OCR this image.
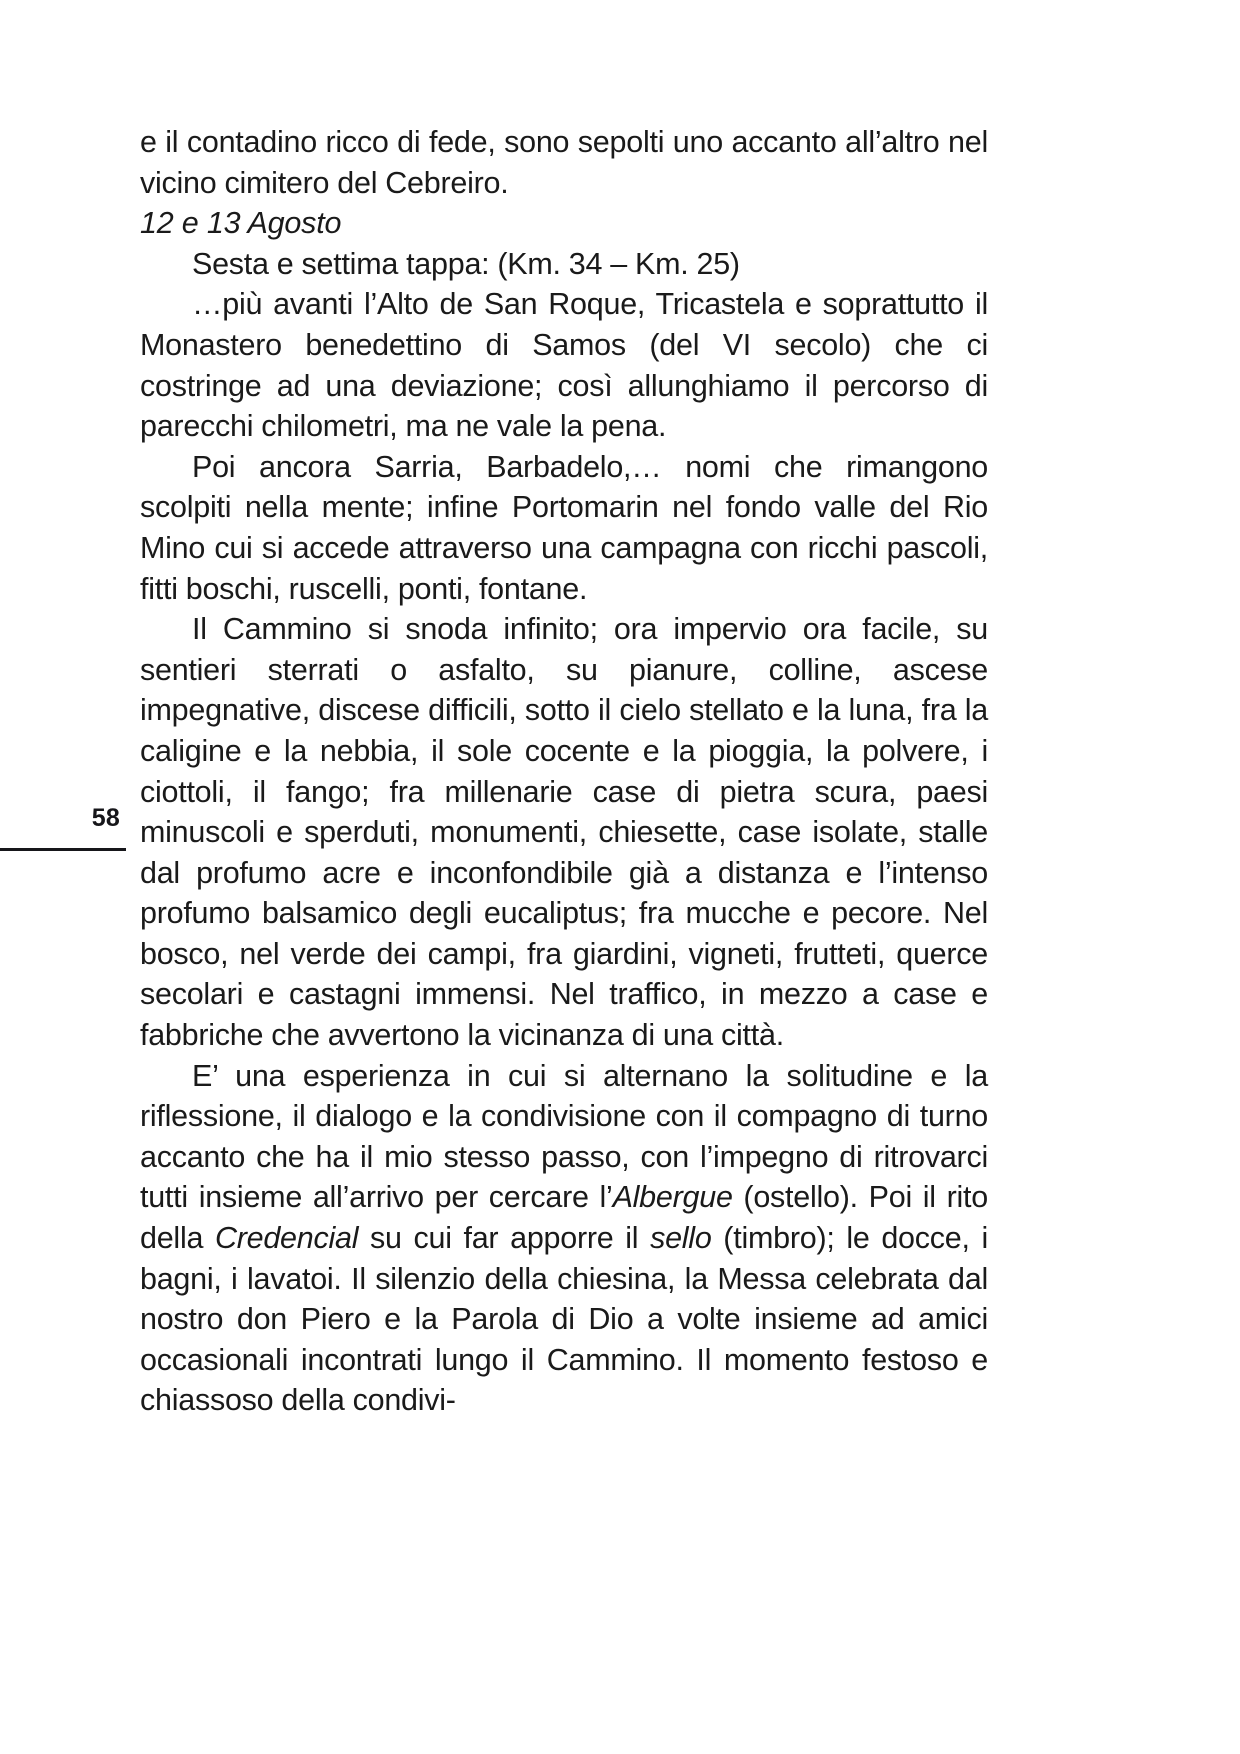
58

e il contadino ricco di fede, sono sepolti uno accanto all’altro nel vicino cimitero del Cebreiro.

12 e 13 Agosto

Sesta e settima tappa: (Km. 34 – Km. 25)

…più avanti l’Alto de San Roque, Tricastela e soprattutto il Monastero benedettino di Samos (del VI secolo) che ci costringe ad una deviazione; così allunghiamo il percorso di parecchi chilometri, ma ne vale la pena.

Poi ancora Sarria, Barbadelo,… nomi che rimangono scolpiti nella mente; infine Portomarin nel fondo valle del Rio Mino cui si accede attraverso una campagna con ricchi pascoli, fitti boschi, ruscelli, ponti, fontane.

Il Cammino si snoda infinito; ora impervio ora facile, su sentieri sterrati o asfalto, su pianure, colline, ascese impegnative, discese difficili, sotto il cielo stellato e la luna, fra la caligine e la nebbia, il sole cocente e la pioggia, la polvere, i ciottoli, il fango; fra millenarie case di pietra scura, paesi minuscoli e sperduti, monumenti, chiesette, case isolate, stalle dal profumo acre e inconfondibile già a distanza e l’intenso profumo balsamico degli eucaliptus; fra mucche e pecore. Nel bosco, nel verde dei campi, fra giardini, vigneti, frutteti, querce secolari e castagni immensi. Nel traffico, in mezzo a case e fabbriche che avvertono la vicinanza di una città.

E’ una esperienza in cui si alternano la solitudine e la riflessione, il dialogo e la condivisione con il compagno di turno accanto che ha il mio stesso passo, con l’impegno di ritrovarci tutti insieme all’arrivo per cercare l’Albergue (ostello). Poi il rito della Credencial su cui far apporre il sello (timbro); le docce, i bagni, i lavatoi. Il silenzio della chiesina, la Messa celebrata dal nostro don Piero e la Parola di Dio a volte insieme ad amici occasionali incontrati lungo il Cammino. Il momento festoso e chiassoso della condivi-
